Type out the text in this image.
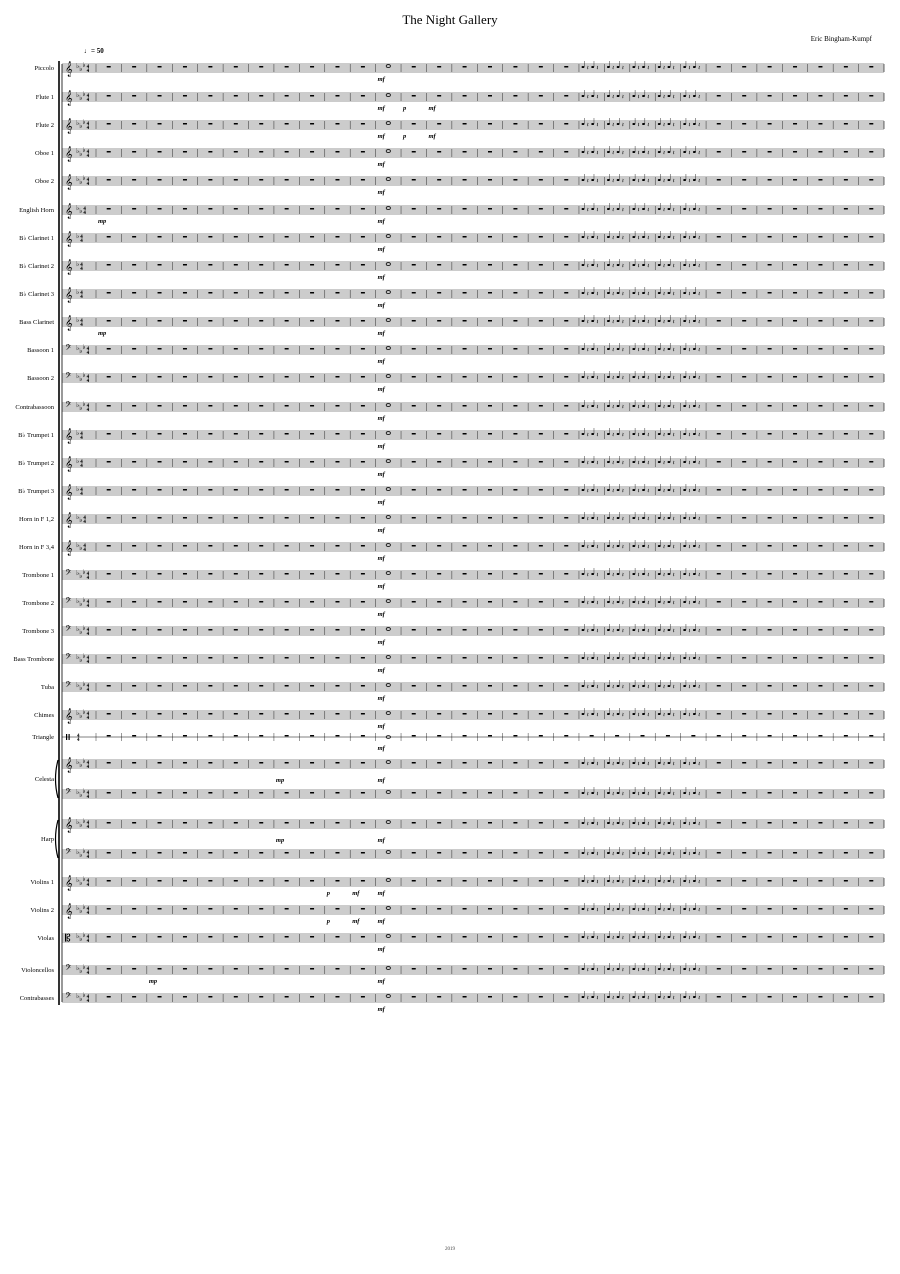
The Night Gallery
Eric Bingham-Kumpf
♩= 50
Piccolo
Flute 1
Flute 2
Oboe 1
Oboe 2
English Horn
B♭ Clarinet 1
B♭ Clarinet 2
B♭ Clarinet 3
Bass Clarinet
Bassoon 1
Bassoon 2
Contrabassoon
B♭ Trumpet 1
B♭ Trumpet 2
B♭ Trumpet 3
Horn in F 1,2
Horn in F 3,4
Trombone 1
Trombone 2
Trombone 3
Bass Trombone
Tuba
Chimes
Triangle
Celesta
Harp
Violins 1
Violins 2
Violas
Violoncellos
Contrabasses
𝄞 ♭ ♭ ♭ 4
4	𝄽 𝄽 𝄽 𝄽 𝄽 𝄽 𝄽 𝄽 𝄽 𝄽
𝄞 ♭ ♭ ♭ 4
4	𝄽 𝄽 𝄽 𝄽 𝄽 𝄽 𝄽 𝄽 𝄽 𝄽
𝄞 ♭ ♭ ♭ 4
4	𝄽 𝄽 𝄽 𝄽 𝄽 𝄽 𝄽 𝄽 𝄽 𝄽
𝄞 ♭ ♭ ♭ 4
4	𝄽 𝄽 𝄽 𝄽 𝄽 𝄽 𝄽 𝄽 𝄽 𝄽
𝄞 ♭ ♭ ♭ 4
4	𝄽 𝄽 𝄽 𝄽 𝄽 𝄽 𝄽 𝄽 𝄽 𝄽
𝄞 ♭ ♭ 4
4	𝄽 𝄽 𝄽 𝄽 𝄽 𝄽 𝄽 𝄽 𝄽 𝄽
𝄞 ♭ 4
4	𝄽 𝄽 𝄽 𝄽 𝄽 𝄽 𝄽 𝄽 𝄽 𝄽
𝄞 ♭ 4
4	𝄽 𝄽 𝄽 𝄽 𝄽 𝄽 𝄽 𝄽 𝄽 𝄽
𝄞 ♭ 4
4	𝄽 𝄽 𝄽 𝄽 𝄽 𝄽 𝄽 𝄽 𝄽 𝄽
𝄞 ♭ 4
4	𝄽 𝄽 𝄽 𝄽 𝄽 𝄽 𝄽 𝄽 𝄽 𝄽
𝄢 ♭ ♭ ♭ 4
4	𝄽 𝄽 𝄽 𝄽 𝄽 𝄽 𝄽 𝄽 𝄽 𝄽
𝄢 ♭ ♭ ♭ 4
4	𝄽 𝄽 𝄽 𝄽 𝄽 𝄽 𝄽 𝄽 𝄽 𝄽
𝄢 ♭ ♭ ♭ 4
4	𝄽 𝄽 𝄽 𝄽 𝄽 𝄽 𝄽 𝄽 𝄽 𝄽
𝄞 ♭ 4
4	𝄽 𝄽 𝄽 𝄽 𝄽 𝄽 𝄽 𝄽 𝄽 𝄽
𝄞 ♭ 4
4	𝄽 𝄽 𝄽 𝄽 𝄽 𝄽 𝄽 𝄽 𝄽 𝄽
𝄞 ♭ 4
4	𝄽 𝄽 𝄽 𝄽 𝄽 𝄽 𝄽 𝄽 𝄽 𝄽
𝄞 ♭ ♭ 4
4	𝄽 𝄽 𝄽 𝄽 𝄽 𝄽 𝄽 𝄽 𝄽 𝄽
𝄞 ♭ ♭ 4
4	𝄽 𝄽 𝄽 𝄽 𝄽 𝄽 𝄽 𝄽 𝄽 𝄽
𝄢 ♭ ♭ ♭ 4
4	𝄽 𝄽 𝄽 𝄽 𝄽 𝄽 𝄽 𝄽 𝄽 𝄽
𝄢 ♭ ♭ ♭ 4
4	𝄽 𝄽 𝄽 𝄽 𝄽 𝄽 𝄽 𝄽 𝄽 𝄽
𝄢 ♭ ♭ ♭ 4
4	𝄽 𝄽 𝄽 𝄽 𝄽 𝄽 𝄽 𝄽 𝄽 𝄽
𝄢 ♭ ♭ ♭ 4
4	𝄽 𝄽 𝄽 𝄽 𝄽 𝄽 𝄽 𝄽 𝄽 𝄽
𝄢 ♭ ♭ ♭ 4
4	𝄽 𝄽 𝄽 𝄽 𝄽 𝄽 𝄽 𝄽 𝄽 𝄽
𝄞 ♭ ♭ ♭ 4
4	𝄽 𝄽 𝄽 𝄽 𝄽 𝄽 𝄽 𝄽 𝄽 𝄽
4
4
𝄞 ♭ ♭ ♭ 4
4
𝄢 ♭ ♭ ♭ 4
4
𝄽 𝄽 𝄽 𝄽 𝄽 𝄽 𝄽 𝄽 𝄽 𝄽
𝄽 𝄽 𝄽 𝄽 𝄽 𝄽 𝄽 𝄽 𝄽 𝄽
𝄞 ♭ ♭ ♭ 4
4
𝄢 ♭ ♭ ♭ 4
4
𝄽 𝄽 𝄽 𝄽 𝄽 𝄽 𝄽 𝄽 𝄽 𝄽
𝄽 𝄽 𝄽 𝄽 𝄽 𝄽 𝄽 𝄽 𝄽 𝄽
𝄞 ♭ ♭ ♭ 4
4	𝄽 𝄽 𝄽 𝄽 𝄽 𝄽 𝄽 𝄽 𝄽 𝄽
𝄞 ♭ ♭ ♭ 4
4	𝄽 𝄽 𝄽 𝄽 𝄽 𝄽 𝄽 𝄽 𝄽 𝄽
𝄡 ♭ ♭ ♭ 4
4	𝄽 𝄽 𝄽 𝄽 𝄽 𝄽 𝄽 𝄽 𝄽 𝄽
𝄢 ♭ ♭ ♭ 4
4	𝄽 𝄽 𝄽 𝄽 𝄽 𝄽 𝄽 𝄽 𝄽 𝄽
𝄢 ♭ ♭ ♭ 4
4	𝄽 𝄽 𝄽 𝄽 𝄽 𝄽 𝄽 𝄽 𝄽 𝄽
mf
mf	p	mf
mf	p	mf
mf
mf
mp	mf
mf
mf
mf
mp	mf
mf
mf
mf
mf
mf
mf
mf
mf
mf
mf
mf
mf
mf
mf
mf
mp	mf
mp	mf
p	mf	mf
p	mf	mf
mf
mp	mf
mf
2019
